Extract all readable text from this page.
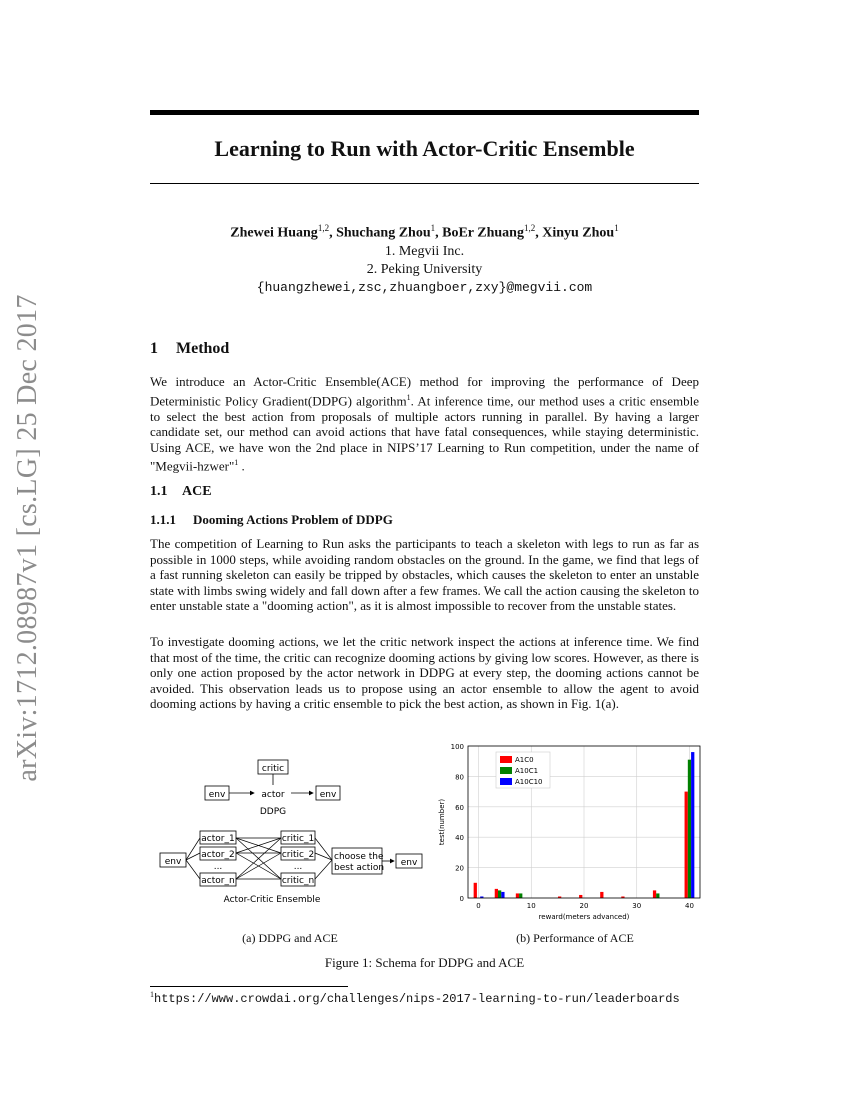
arXiv:1712.08987v1 [cs.LG] 25 Dec 2017
Learning to Run with Actor-Critic Ensemble
Zhewei Huang$^{1,2}$, Shuchang Zhou$^1$, BoEr Zhuang$^{1,2}$, Xinyu Zhou$^1$
1. Megvii Inc.
2. Peking University
{huangzhewei,zsc,zhuangboer,zxy}@megvii.com
1 Method

We introduce an Actor-Critic Ensemble(ACE) method for improving the performance of Deep Deterministic Policy Gradient(DDPG) algorithm$^1$. At inference time, our method uses a critic ensemble to select the best action from proposals of multiple actors running in parallel. By having a larger candidate set, our method can avoid actions that have fatal consequences, while staying deterministic. Using ACE, we have won the 2nd place in NIPS’17 Learning to Run competition, under the name of "Megvii-hzwer"$^1$ .

1.1 ACE
1.1.1 Dooming Actions Problem of DDPG

The competition of Learning to Run asks the participants to teach a skeleton with legs to run as far as possible in 1000 steps, while avoiding random obstacles on the ground. In the game, we find that legs of a fast running skeleton can easily be tripped by obstacles, which causes the skeleton to enter an unstable state with limbs swing widely and fall down after a few frames. We call the action causing the skeleton to enter unstable state a "dooming action", as it is almost impossible to recover from the unstable states.

To investigate dooming actions, we let the critic network inspect the actions at inference time. We find that most of the time, the critic can recognize dooming actions by giving low scores. However, as there is only one action proposed by the actor network in DDPG at every step, the dooming actions cannot be avoided. This observation leads us to propose using an actor ensemble to allow the agent to avoid dooming actions by having a critic ensemble to pick the best action, as shown in Fig. 1(a).

critic
env	actor	env
DDPG
env
actor_1
actor_2
...
actor_n
critic_1
critic_2
...
critic_n
choose the
best action env
Actor-Critic Ensemble	0
20
40
60
80
100
0	10	20	30	40
reward(meters advanced)
test(number)
A1C0
A10C1
A10C10
(a) DDPG and ACE	(b) Performance of ACE
Figure 1: Schema for DDPG and ACE
$^1$https://www.crowdai.org/challenges/nips-2017-learning-to-run/leaderboards
